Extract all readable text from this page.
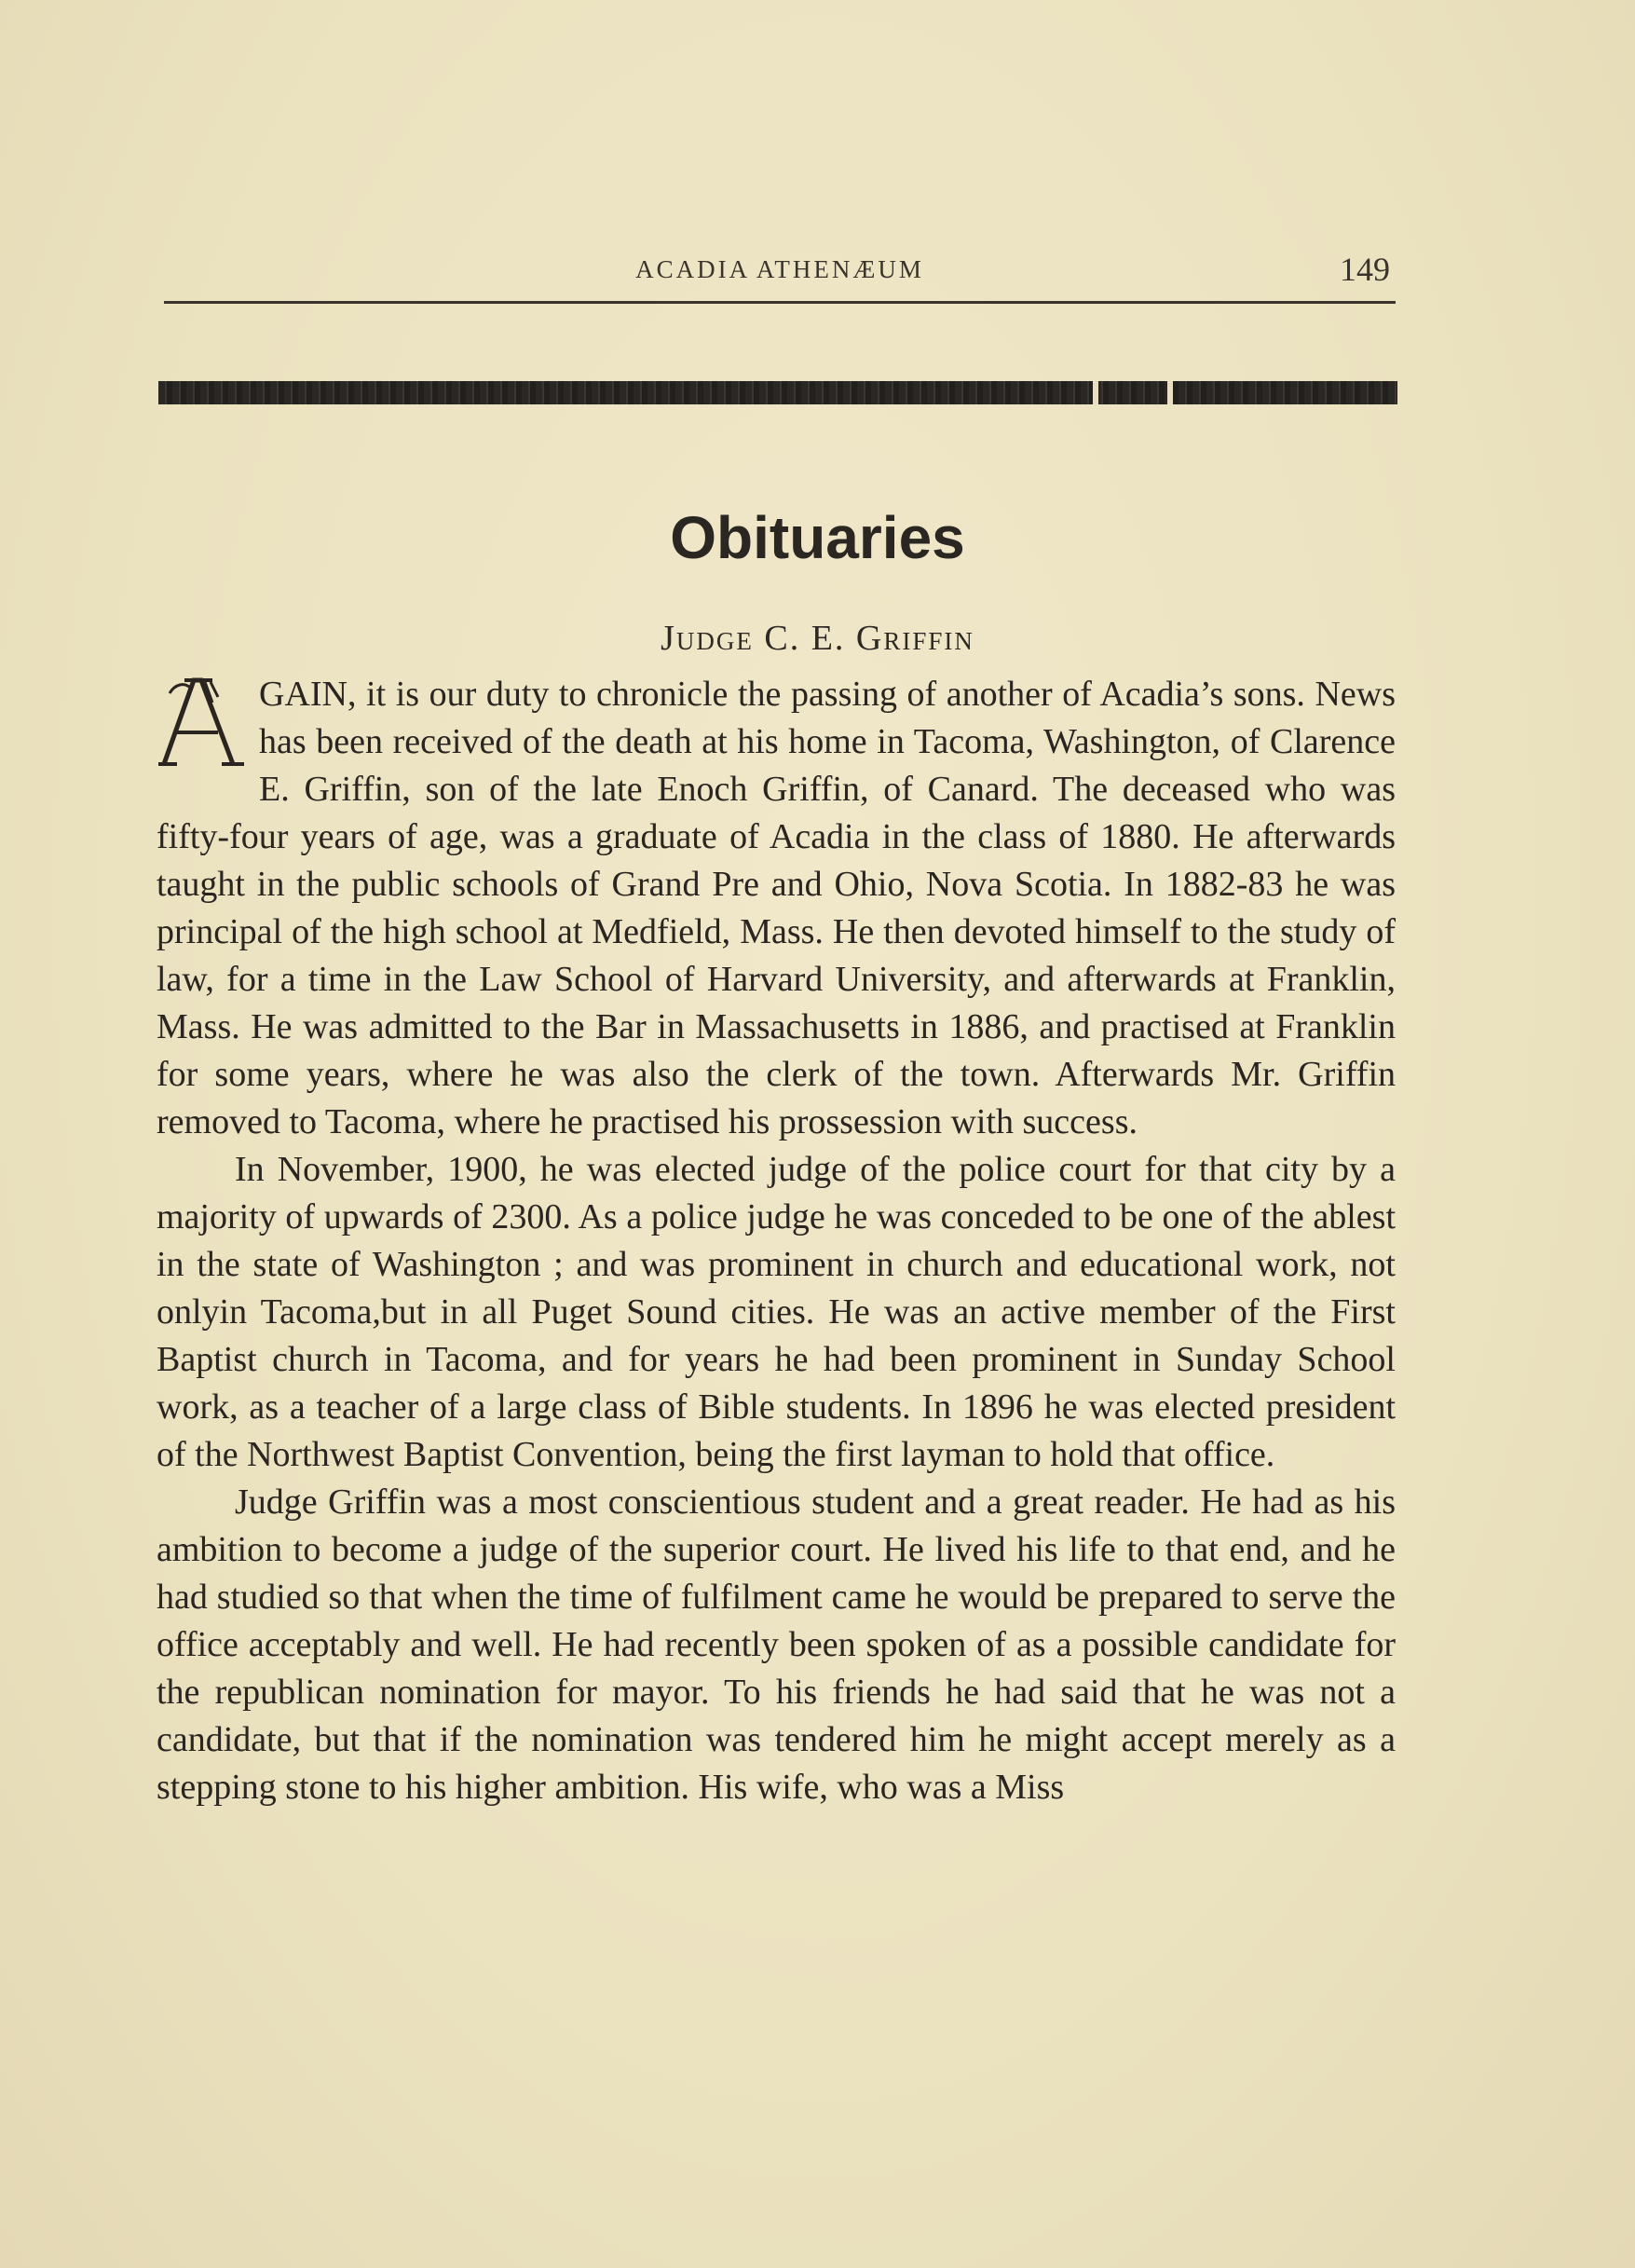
ACADIA ATHENÆUM	149
Obituaries
Judge C. E. Griffin

GAIN, it is our duty to chronicle the passing of another of Acadia’s sons. News has been received of the death at his home in Tacoma, Washington, of Clarence E. Griffin, son of the late Enoch Griffin, of Canard. The deceased who was fifty-four years of age, was a graduate of Acadia in the class of 1880. He afterwards taught in the public schools of Grand Pre and Ohio, Nova Scotia. In 1882-83 he was principal of the high school at Medfield, Mass. He then devoted himself to the study of law, for a time in the Law School of Harvard University, and afterwards at Franklin, Mass. He was admitted to the Bar in Massachusetts in 1886, and practised at Franklin for some years, where he was also the clerk of the town. Afterwards Mr. Griffin removed to Tacoma, where he practised his prossession with success.

In November, 1900, he was elected judge of the police court for that city by a majority of upwards of 2300. As a police judge he was conceded to be one of the ablest in the state of Washington ; and was prominent in church and educational work, not onlyin Tacoma,but in all Puget Sound cities. He was an active member of the First Baptist church in Tacoma, and for years he had been prominent in Sunday School work, as a teacher of a large class of Bible students. In 1896 he was elected president of the Northwest Baptist Convention, being the first layman to hold that office.

Judge Griffin was a most conscientious student and a great reader. He had as his ambition to become a judge of the superior court. He lived his life to that end, and he had studied so that when the time of fulfilment came he would be prepared to serve the office acceptably and well. He had recently been spoken of as a possible candidate for the republican nomination for mayor. To his friends he had said that he was not a candidate, but that if the nomination was tendered him he might accept merely as a stepping stone to his higher ambition. His wife, who was a Miss
